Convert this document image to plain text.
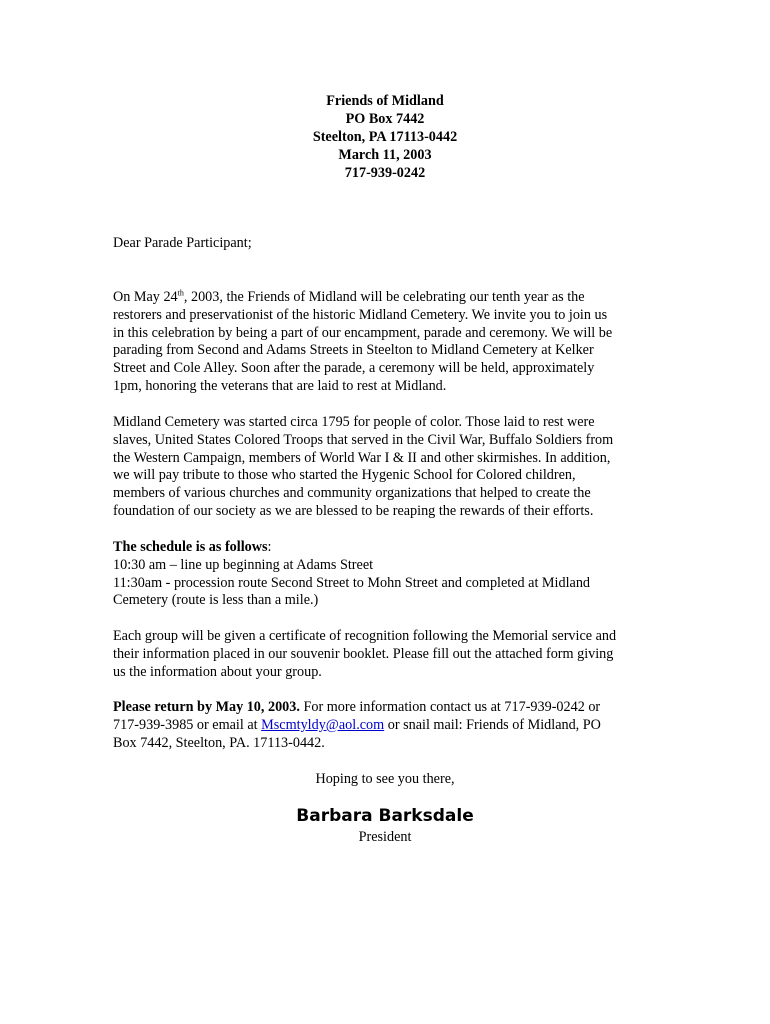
Friends of Midland
PO Box 7442
Steelton, PA 17113-0442
March 11, 2003
717-939-0242
Dear Parade Participant;
On May 24th, 2003, the Friends of Midland will be celebrating our tenth year as the
restorers and preservationist of the historic Midland Cemetery. We invite you to join us
in this celebration by being a part of our encampment, parade and ceremony. We will be
parading from Second and Adams Streets in Steelton to Midland Cemetery at Kelker
Street and Cole Alley. Soon after the parade, a ceremony will be held, approximately
1pm, honoring the veterans that are laid to rest at Midland.
Midland Cemetery was started circa 1795 for people of color. Those laid to rest were
slaves, United States Colored Troops that served in the Civil War, Buffalo Soldiers from
the Western Campaign, members of World War I & II and other skirmishes. In addition,
we will pay tribute to those who started the Hygenic School for Colored children,
members of various churches and community organizations that helped to create the
foundation of our society as we are blessed to be reaping the rewards of their efforts.
The schedule is as follows:
10:30 am – line up beginning at Adams Street
11:30am - procession route Second Street to Mohn Street and completed at Midland
Cemetery (route is less than a mile.)
Each group will be given a certificate of recognition following the Memorial service and
their information placed in our souvenir booklet. Please fill out the attached form giving
us the information about your group.
Please return by May 10, 2003. For more information contact us at 717-939-0242 or
717-939-3985 or email at Mscmtyldy@aol.com or snail mail: Friends of Midland, PO
Box 7442, Steelton, PA. 17113-0442.
Hoping to see you there,
Barbara Barksdale
President
